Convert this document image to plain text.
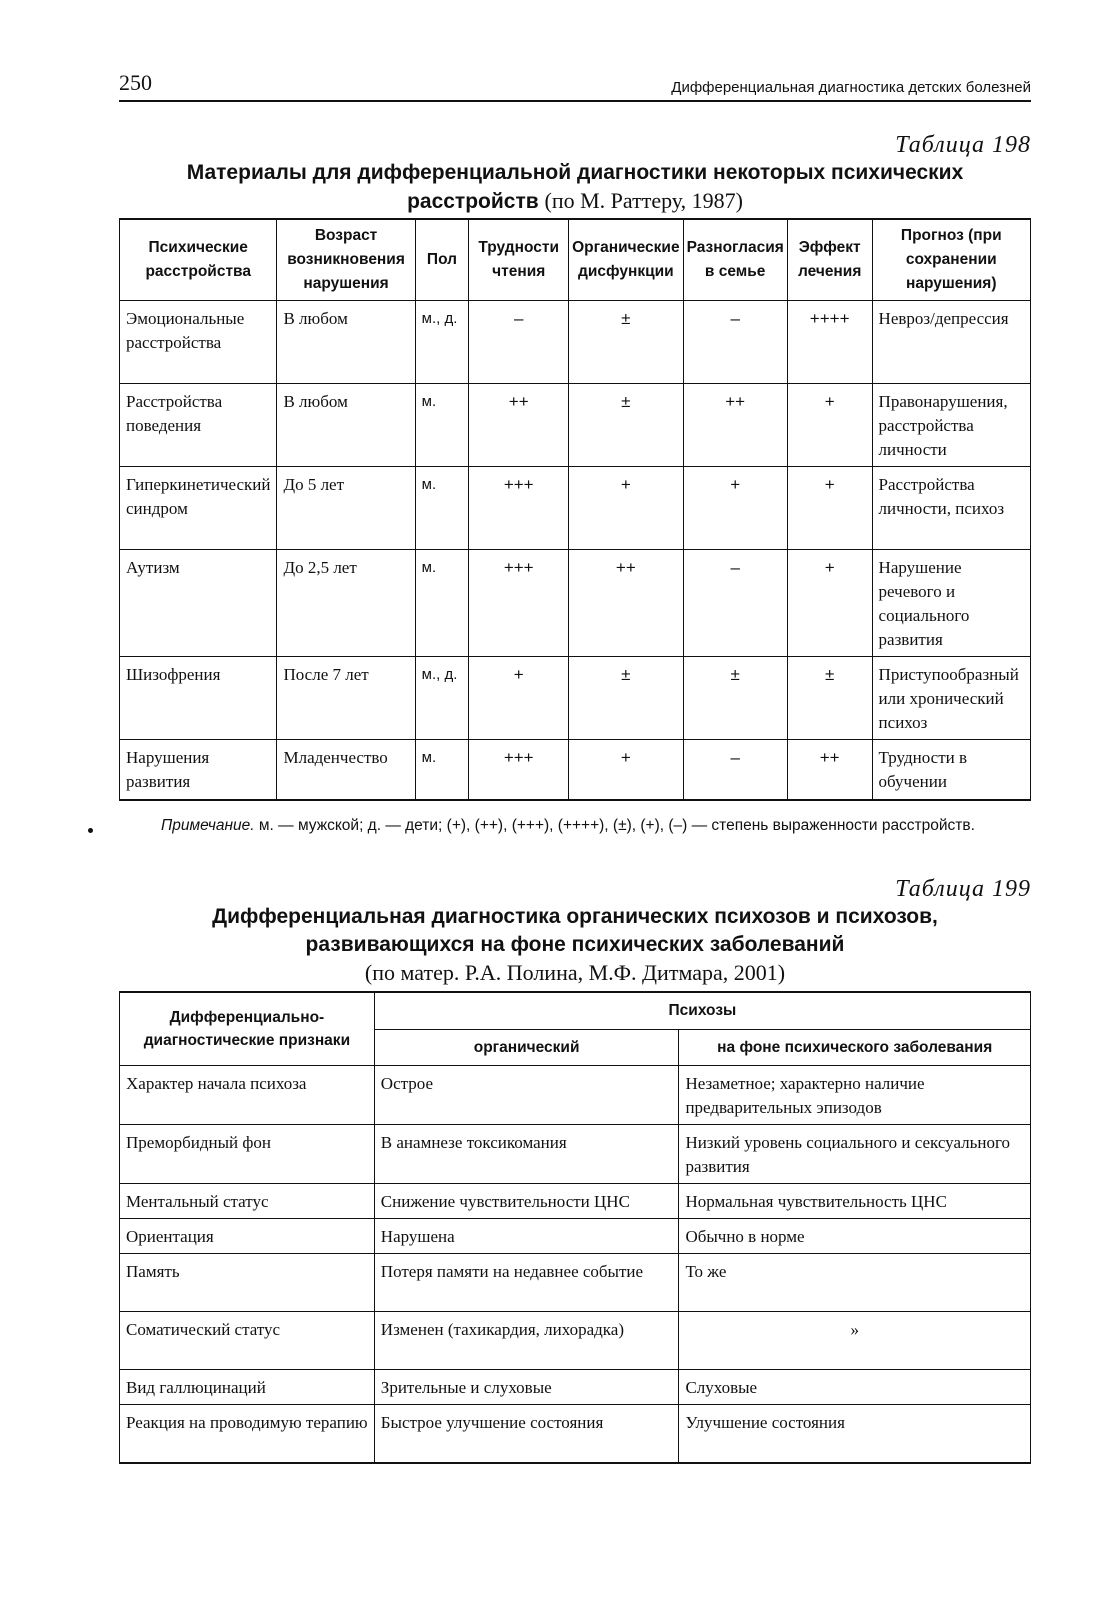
250	Дифференциальная диагностика детских болезней
Таблица 198
Материалы для дифференциальной диагностики некоторых психических
расстройств (по М. Раттеру, 1987)
Психические расстройства	Возраст возникновения нарушения	Пол	Трудности чтения	Органические дисфункции	Разногласия в семье	Эффект лечения	Прогноз (при сохранении нарушения)
Эмоциональные расстройства	В любом	м., д.	–	±	–	++++	Невроз/депрессия
Расстройства поведения	В любом	м.	++	±	++	+	Правонарушения, расстройства личности
Гиперкинетический синдром	До 5 лет	м.	+++	+	+	+	Расстройства личности, психоз
Аутизм	До 2,5 лет	м.	+++	++	–	+	Нарушение речевого и социального развития
Шизофрения	После 7 лет	м., д.	+	±	±	±	Приступообразный или хронический психоз
Нарушения развития	Младенчество	м.	+++	+	–	++	Трудности в обучении
Примечание. м. — мужской; д. — дети; (+), (++), (+++), (++++), (±), (+), (–) — степень выраженности расстройств.
Таблица 199
Дифференциальная диагностика органических психозов и психозов,
развивающихся на фоне психических заболеваний
(по матер. Р.А. Полина, М.Ф. Дитмара, 2001)
Дифференциально-диагностические признаки	Психозы	
	органический	на фоне психического заболевания
Характер начала психоза	Острое	Незаметное; характерно наличие предварительных эпизодов
Преморбидный фон	В анамнезе токсикомания	Низкий уровень социального и сексуального развития
Ментальный статус	Снижение чувствительности ЦНС	Нормальная чувствительность ЦНС
Ориентация	Нарушена	Обычно в норме
Память	Потеря памяти на недавнее событие	То же
Соматический статус	Изменен (тахикардия, лихорадка)	»
Вид галлюцинаций	Зрительные и слуховые	Слуховые
Реакция на проводимую терапию	Быстрое улучшение состояния	Улучшение состояния
